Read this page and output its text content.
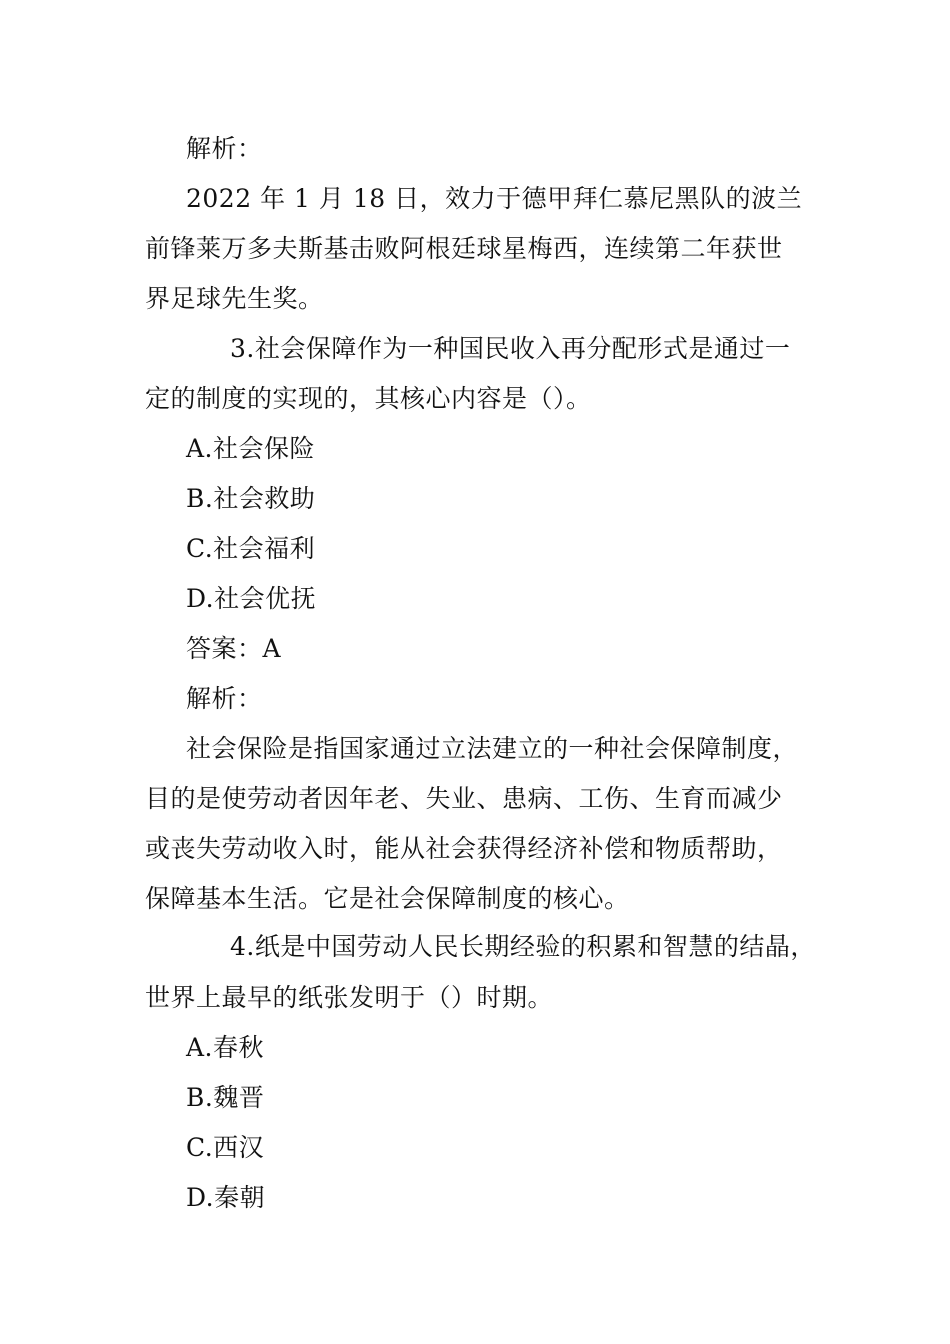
解析：
2022 年 1 月 18 日，效力于德甲拜仁慕尼黑队的波兰
前锋莱万多夫斯基击败阿根廷球星梅西，连续第二年获世
界足球先生奖。
3.社会保障作为一种国民收入再分配形式是通过一
定的制度的实现的，其核心内容是（）。
A.社会保险
B.社会救助
C.社会福利
D.社会优抚
答案：A
解析：
社会保险是指国家通过立法建立的一种社会保障制度，
目的是使劳动者因年老、失业、患病、工伤、生育而减少
或丧失劳动收入时，能从社会获得经济补偿和物质帮助，
保障基本生活。它是社会保障制度的核心。
4.纸是中国劳动人民长期经验的积累和智慧的结晶，
世界上最早的纸张发明于（）时期。
A.春秋
B.魏晋
C.西汉
D.秦朝
